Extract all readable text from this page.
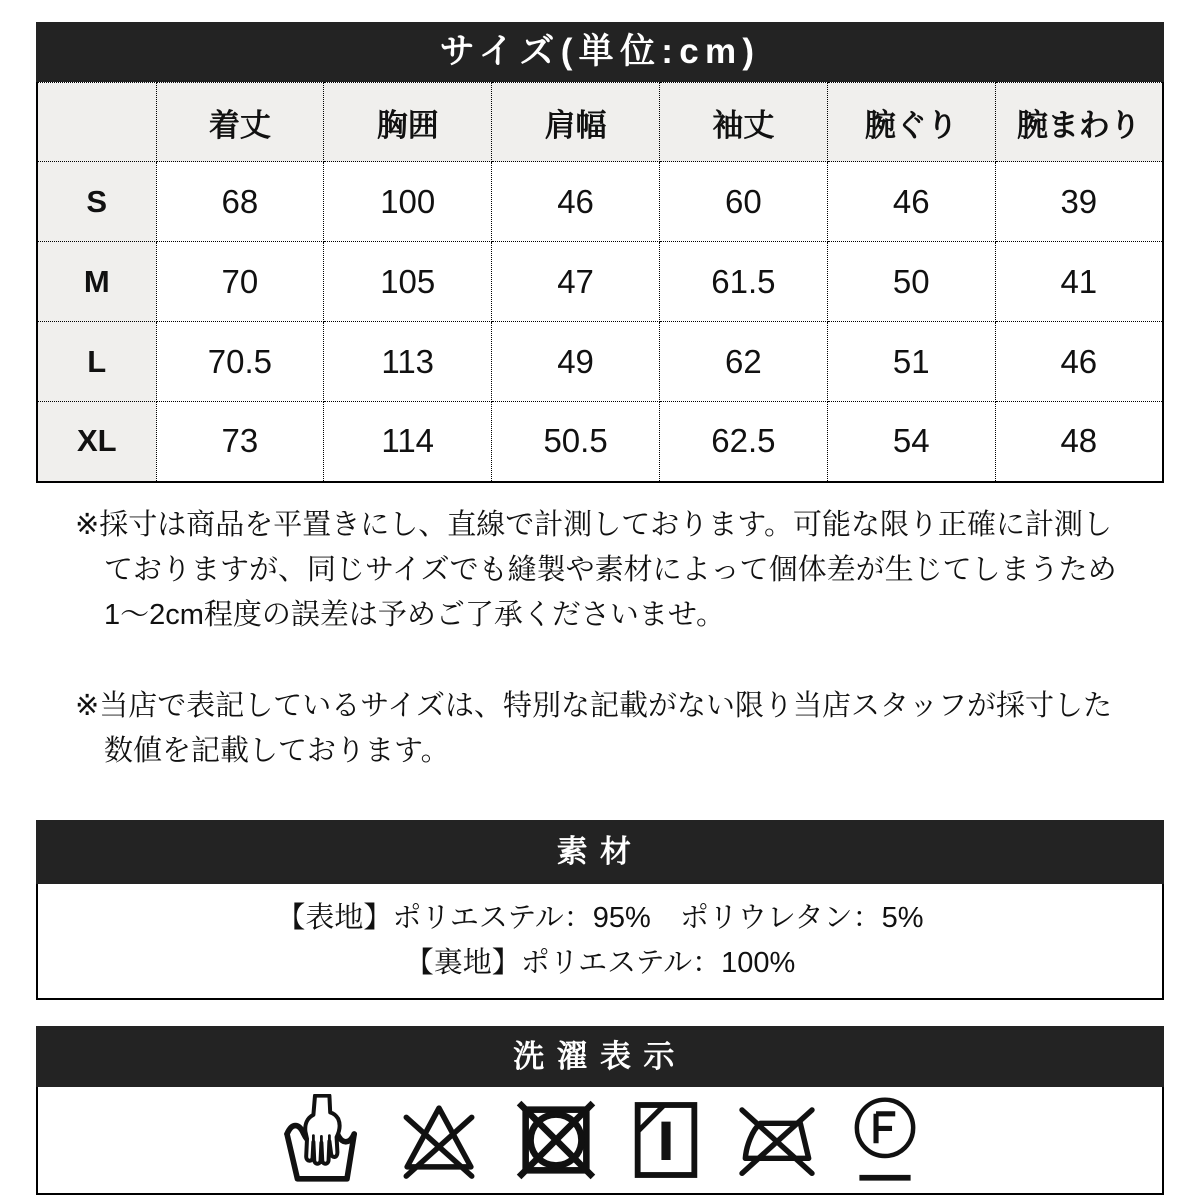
サイズ(単位:cm)
	着丈	胸囲	肩幅	袖丈	腕ぐり	腕まわり
S	68	100	46	60	46	39
M	70	105	47	61.5	50	41
L	70.5	113	49	62	51	46
XL	73	114	50.5	62.5	54	48
※採寸は商品を平置きにし、直線で計測しております。可能な限り正確に計測し
ておりますが、同じサイズでも縫製や素材によって個体差が生じてしまうため
1〜2cm程度の誤差は予めご了承くださいませ。
※当店で表記しているサイズは、特別な記載がない限り当店スタッフが採寸した
数値を記載しております。
素材
【表地】ポリエステル：95%　ポリウレタン：5%
【裏地】ポリエステル：100%
洗濯表示
